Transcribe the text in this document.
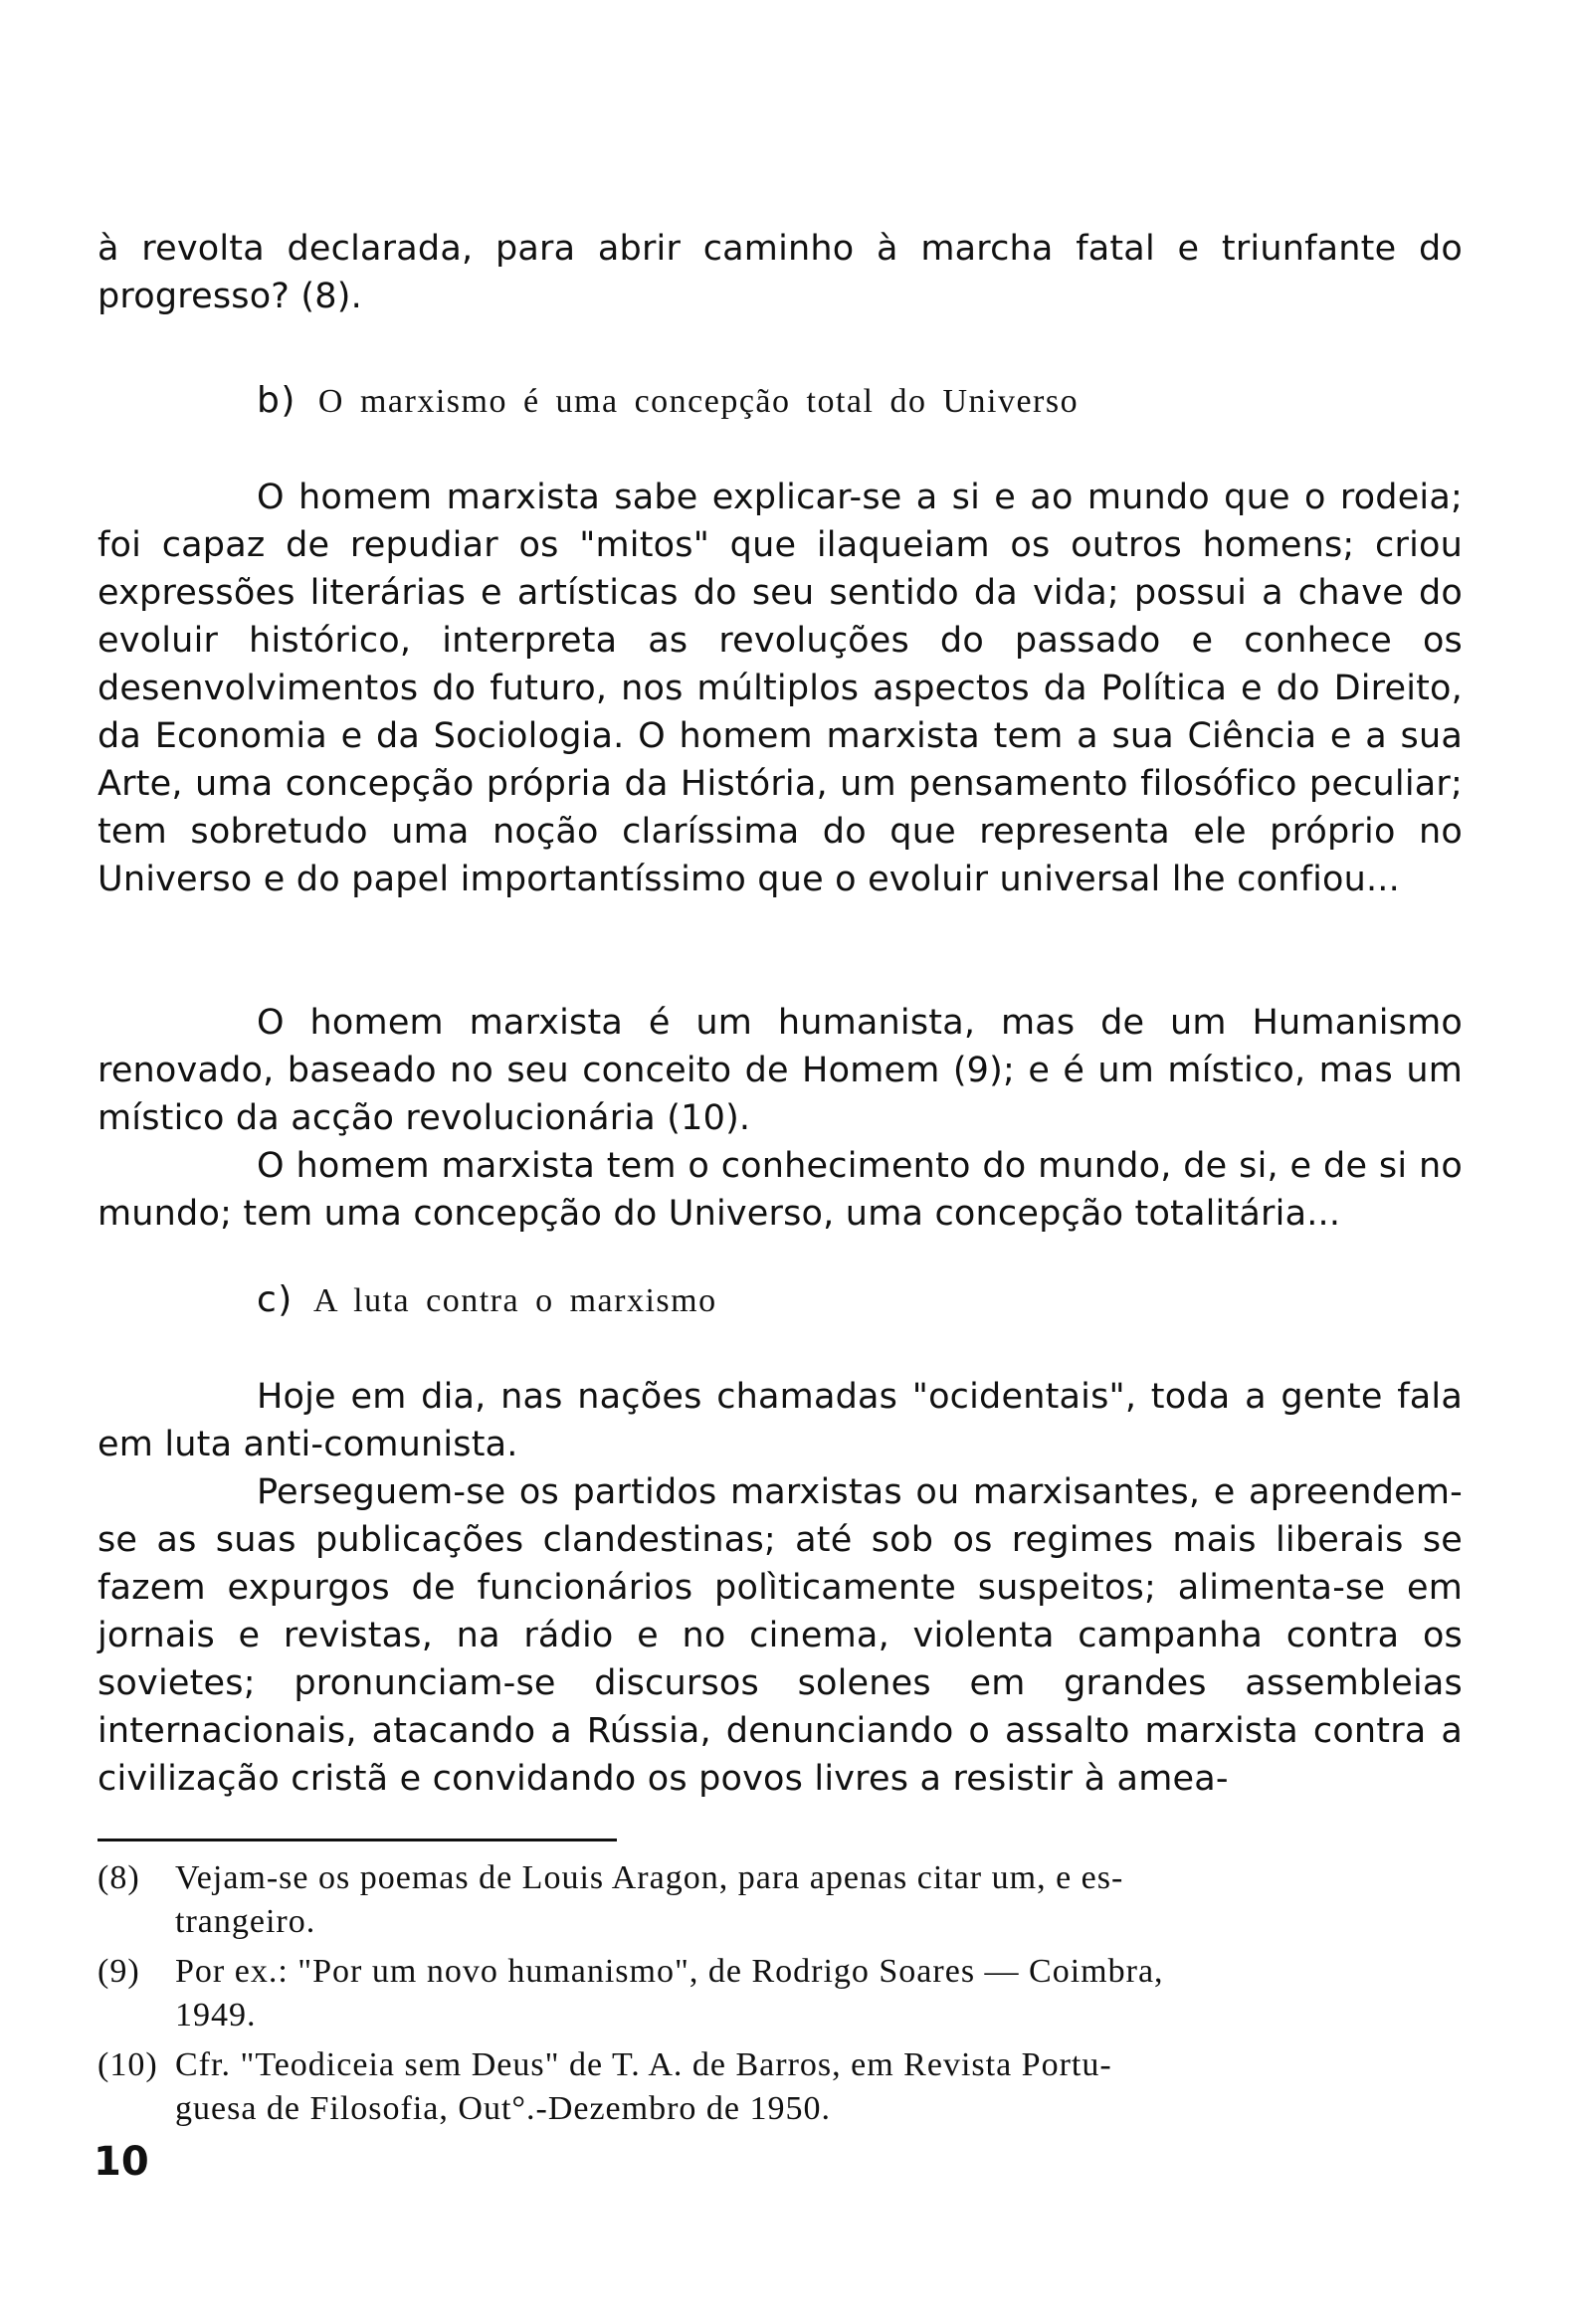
à revolta declarada, para abrir caminho à marcha fatal e triunfante do progresso? (8).

b) O marxismo é uma concepção total do Universo

O homem marxista sabe explicar-se a si e ao mundo que o rodeia; foi capaz de repudiar os "mitos" que ilaqueiam os outros homens; criou expressões literárias e artísticas do seu sentido da vida; possui a chave do evoluir histórico, interpreta as revoluções do passado e conhece os desenvolvimentos do futuro, nos múltiplos aspectos da Política e do Direito, da Economia e da Sociologia. O homem marxista tem a sua Ciência e a sua Arte, uma concepção própria da História, um pensamento filosófico peculiar; tem sobretudo uma noção claríssima do que representa ele próprio no Universo e do papel importantíssimo que o evoluir universal lhe confiou...

O homem marxista é um humanista, mas de um Humanismo renovado, baseado no seu conceito de Homem (9); e é um místico, mas um místico da acção revolucionária (10).

O homem marxista tem o conhecimento do mundo, de si, e de si no mundo; tem uma concepção do Universo, uma concepção totalitária...

c) A luta contra o marxismo

Hoje em dia, nas nações chamadas "ocidentais", toda a gente fala em luta anti-comunista.

Perseguem-se os partidos marxistas ou marxisantes, e apreendem-se as suas publicações clandestinas; até sob os regimes mais liberais se fazem expurgos de funcionários polìticamente suspeitos; alimenta-se em jornais e revistas, na rádio e no cinema, violenta campanha contra os sovietes; pronunciam-se discursos solenes em grandes assembleias internacionais, atacando a Rússia, denunciando o assalto marxista contra a civilização cristã e convidando os povos livres a resistir à amea-

(8) Vejam-se os poemas de Louis Aragon, para apenas citar um, e es-
trangeiro.
(9) Por ex.: "Por um novo humanismo", de Rodrigo Soares — Coimbra,
1949.
(10) Cfr. "Teodiceia sem Deus" de T. A. de Barros, em Revista Portu-
guesa de Filosofia, Out°.-Dezembro de 1950.

10
